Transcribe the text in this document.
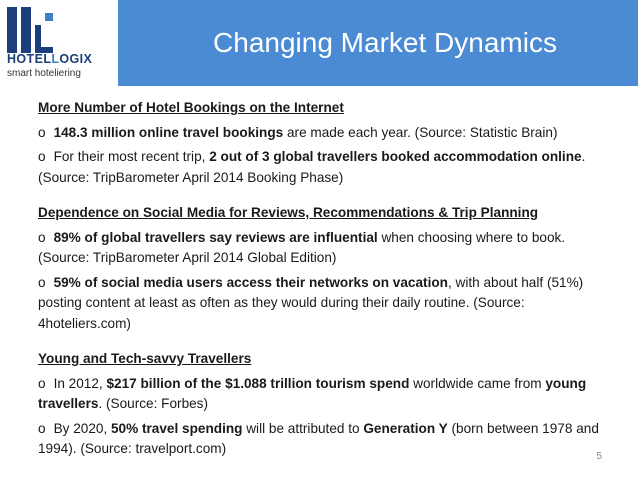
HOTELLOGIX
smart hoteliering
Changing Market Dynamics

More Number of Hotel Bookings on the Internet

o 148.3 million online travel bookings are made each year. (Source: Statistic Brain)

o For their most recent trip, 2 out of 3 global travellers booked accommodation online. (Source: TripBarometer April 2014 Booking Phase)

Dependence on Social Media for Reviews, Recommendations & Trip Planning

o 89% of global travellers say reviews are influential when choosing where to book. (Source: TripBarometer April 2014 Global Edition)

o 59% of social media users access their networks on vacation, with about half (51%) posting content at least as often as they would during their daily routine. (Source: 4hoteliers.com)

Young and Tech-savvy Travellers

o In 2012, $217 billion of the $1.088 trillion tourism spend worldwide came from young travellers. (Source: Forbes)

o By 2020, 50% travel spending will be attributed to Generation Y (born between 1978 and 1994). (Source: travelport.com)

5
